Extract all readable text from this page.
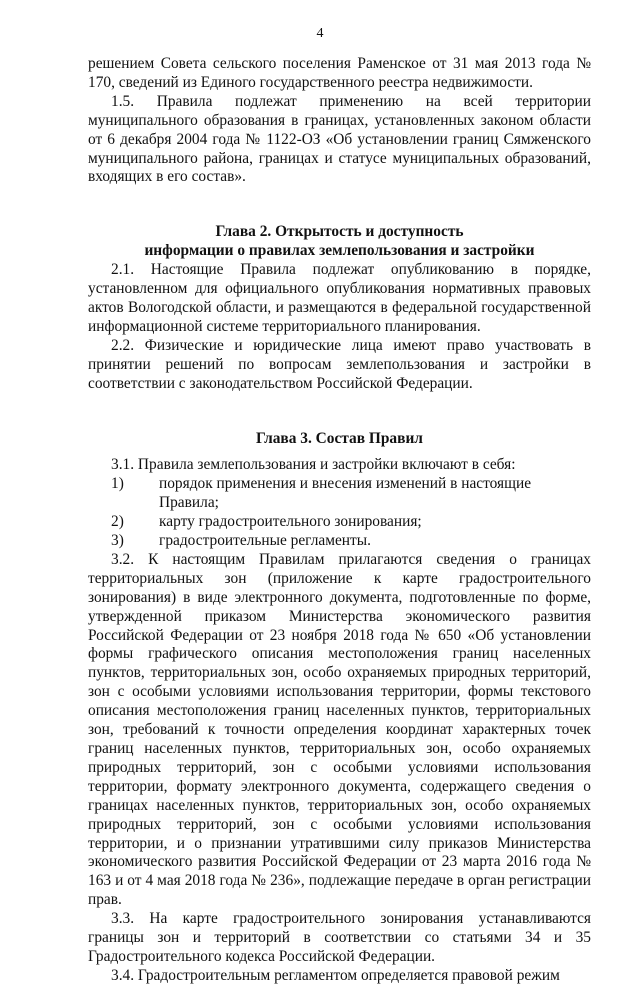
4

решением Совета сельского поселения Раменское от 31 мая 2013 года № 170, сведений из Единого государственного реестра недвижимости.

1.5. Правила подлежат применению на всей территории муниципального образования в границах, установленных законом области от 6 декабря 2004 года № 1122-ОЗ «Об установлении границ Сямженского муниципального района, границах и статусе муниципальных образований, входящих в его состав».

Глава 2. Открытость и доступность

информации о правилах землепользования и застройки

2.1. Настоящие Правила подлежат опубликованию в порядке, установленном для официального опубликования нормативных правовых актов Вологодской области, и размещаются в федеральной государственной информационной системе территориального планирования.

2.2. Физические и юридические лица имеют право участвовать в принятии решений по вопросам землепользования и застройки в соответствии с законодательством Российской Федерации.

Глава 3. Состав Правил

3.1. Правила землепользования и застройки включают в себя:

1)	порядок применения и внесения изменений в настоящие Правила;
2)	карту градостроительного зонирования;
3)	градостроительные регламенты.

3.2. К настоящим Правилам прилагаются сведения о границах территориальных зон (приложение к карте градостроительного зонирования) в виде электронного документа, подготовленные по форме, утвержденной приказом Министерства экономического развития Российской Федерации от 23 ноября 2018 года № 650 «Об установлении формы графического описания местоположения границ населенных пунктов, территориальных зон, особо охраняемых природных территорий, зон с особыми условиями использования территории, формы текстового описания местоположения границ населенных пунктов, территориальных зон, требований к точности определения координат характерных точек границ населенных пунктов, территориальных зон, особо охраняемых природных территорий, зон с особыми условиями использования территории, формату электронного документа, содержащего сведения о границах населенных пунктов, территориальных зон, особо охраняемых природных территорий, зон с особыми условиями использования территории, и о признании утратившими силу приказов Министерства экономического развития Российской Федерации от 23 марта 2016 года № 163 и от 4 мая 2018 года № 236», подлежащие передаче в орган регистрации прав.

3.3. На карте градостроительного зонирования устанавливаются границы зон и территорий в соответствии со статьями 34 и 35 Градостроительного кодекса Российской Федерации.

3.4. Градостроительным регламентом определяется правовой режим
